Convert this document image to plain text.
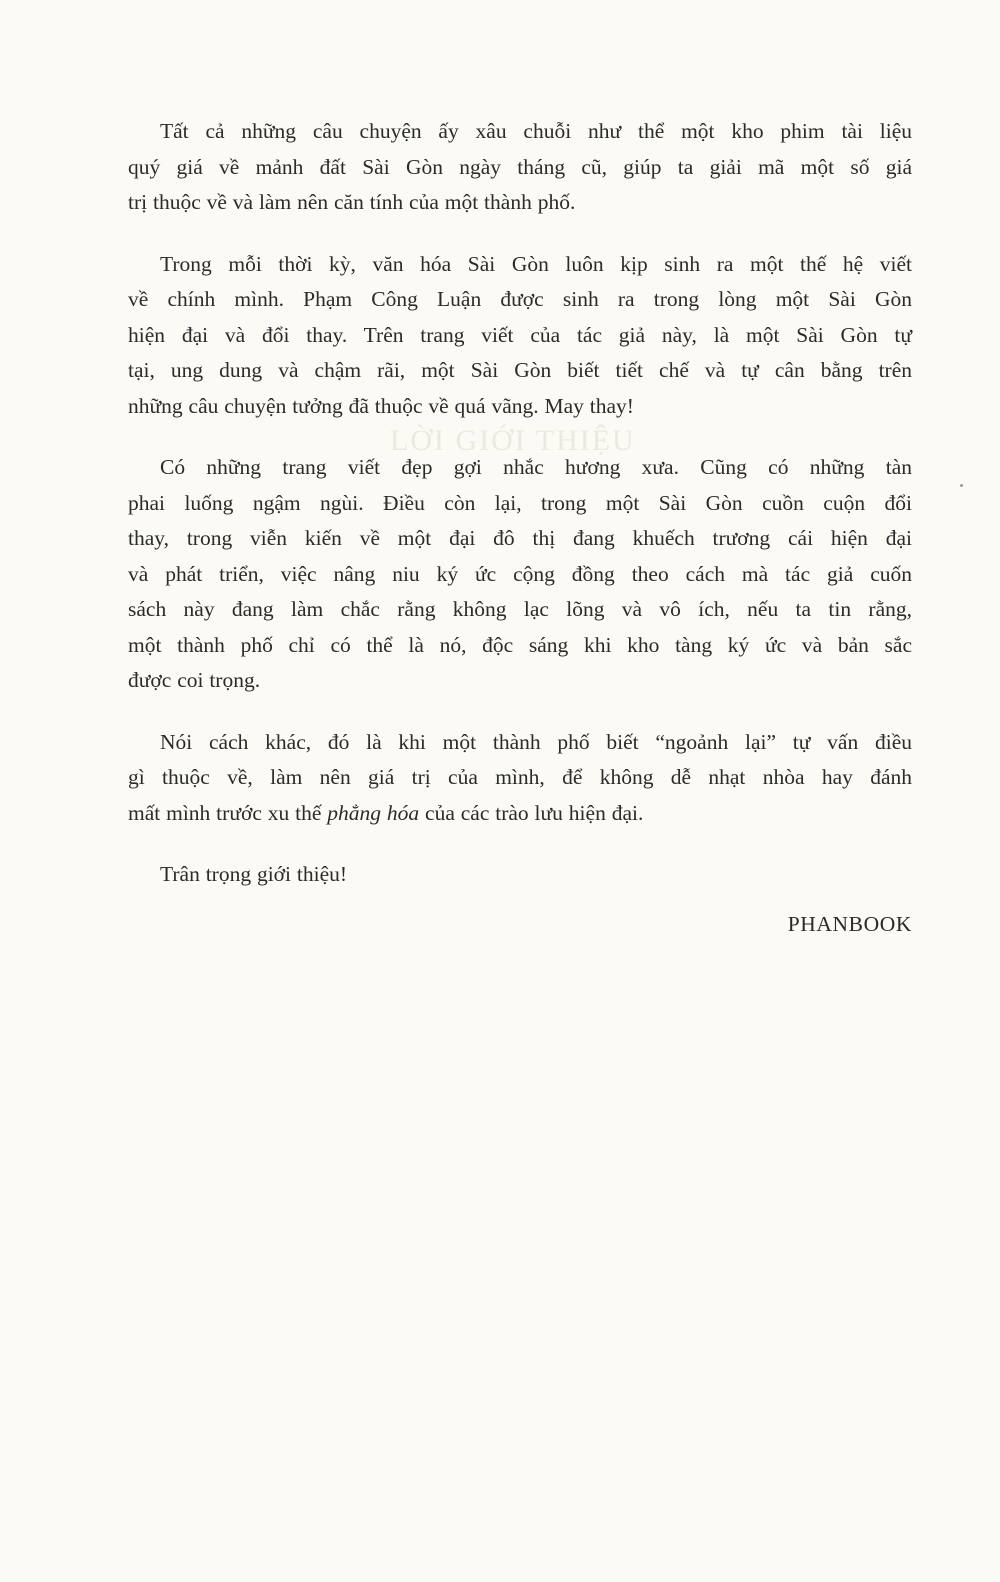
LỜI GIỚI THIỆU

Tất cả những câu chuyện ấy xâu chuỗi như thể một kho phim tài liệu
quý giá về mảnh đất Sài Gòn ngày tháng cũ, giúp ta giải mã một số giá
trị thuộc về và làm nên căn tính của một thành phố.

Trong mỗi thời kỳ, văn hóa Sài Gòn luôn kịp sinh ra một thế hệ viết
về chính mình. Phạm Công Luận được sinh ra trong lòng một Sài Gòn
hiện đại và đổi thay. Trên trang viết của tác giả này, là một Sài Gòn tự
tại, ung dung và chậm rãi, một Sài Gòn biết tiết chế và tự cân bằng trên
những câu chuyện tưởng đã thuộc về quá vãng. May thay!

Có những trang viết đẹp gợi nhắc hương xưa. Cũng có những tàn
phai luống ngậm ngùi. Điều còn lại, trong một Sài Gòn cuồn cuộn đổi
thay, trong viễn kiến về một đại đô thị đang khuếch trương cái hiện đại
và phát triển, việc nâng niu ký ức cộng đồng theo cách mà tác giả cuốn
sách này đang làm chắc rằng không lạc lõng và vô ích, nếu ta tin rằng,
một thành phố chỉ có thể là nó, độc sáng khi kho tàng ký ức và bản sắc
được coi trọng.

Nói cách khác, đó là khi một thành phố biết “ngoảnh lại” tự vấn điều
gì thuộc về, làm nên giá trị của mình, để không dễ nhạt nhòa hay đánh
mất mình trước xu thế phẳng hóa của các trào lưu hiện đại.

Trân trọng giới thiệu!

PHANBOOK
